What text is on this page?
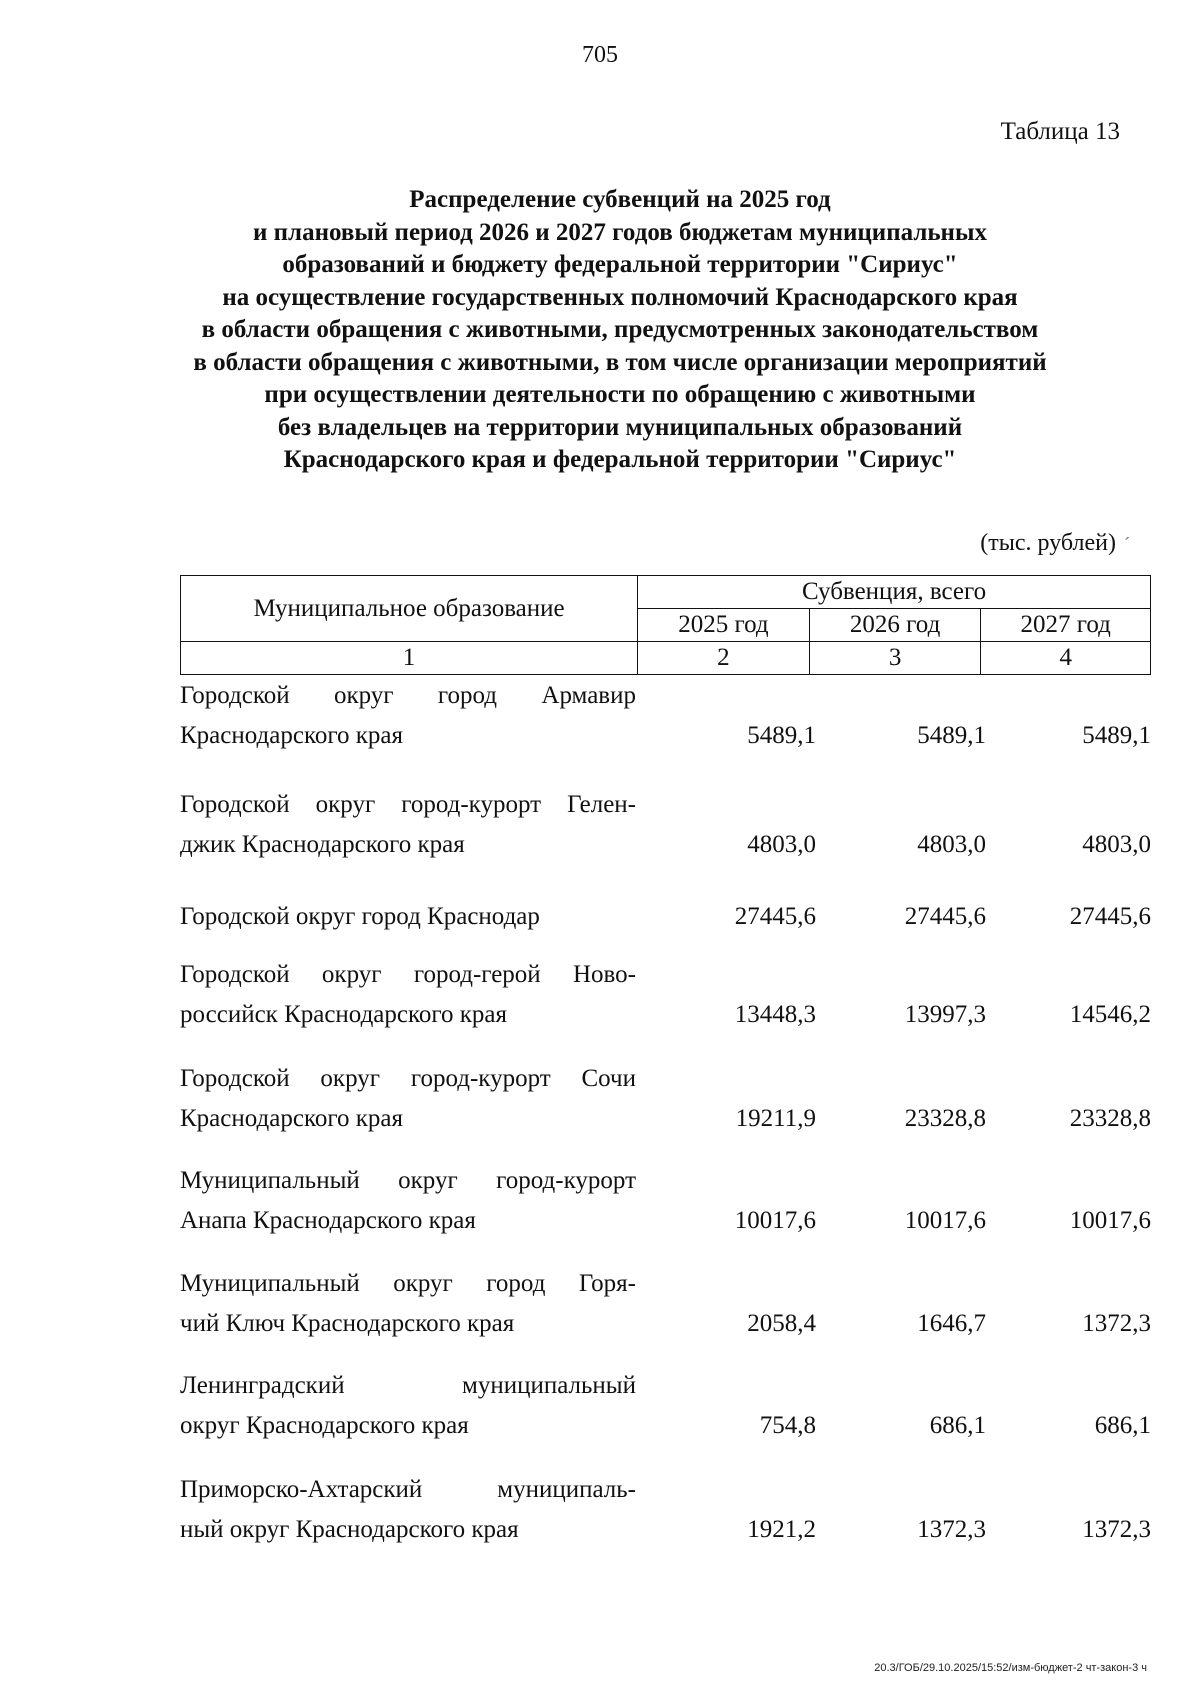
705
Таблица 13
Распределение субвенций на 2025 год
и плановый период 2026 и 2027 годов бюджетам муниципальных
образований и бюджету федеральной территории "Сириус"
на осуществление государственных полномочий Краснодарского края
в области обращения с животными, предусмотренных законодательством
в области обращения с животными, в том числе организации мероприятий
при осуществлении деятельности по обращению с животными
без владельцев на территории муниципальных образований
Краснодарского края и федеральной территории "Сириус"
(тыс. рублей) ´
Муниципальное образование	Субвенция, всего		
	2025 год	2026 год	2027 год
1	2	3	4
Городской округ город Армавир
Краснодарского края	5489,1	5489,1	5489,1
Городской округ город-курорт Гелен-
джик Краснодарского края	4803,0	4803,0	4803,0
Городской округ город Краснодар	27445,6	27445,6	27445,6
Городской округ город-герой Ново-
российск Краснодарского края	13448,3	13997,3	14546,2
Городской округ город-курорт Сочи
Краснодарского края	19211,9	23328,8	23328,8
Муниципальный округ город-курорт
Анапа Краснодарского края	10017,6	10017,6	10017,6
Муниципальный округ город Горя-
чий Ключ Краснодарского края	2058,4	1646,7	1372,3
Ленинградский муниципальный
округ Краснодарского края	754,8	686,1	686,1
Приморско-Ахтарский муниципаль-
ный округ Краснодарского края	1921,2	1372,3	1372,3
20.3/ГОБ/29.10.2025/15:52/изм-бюджет-2 чт-закон-3 ч
